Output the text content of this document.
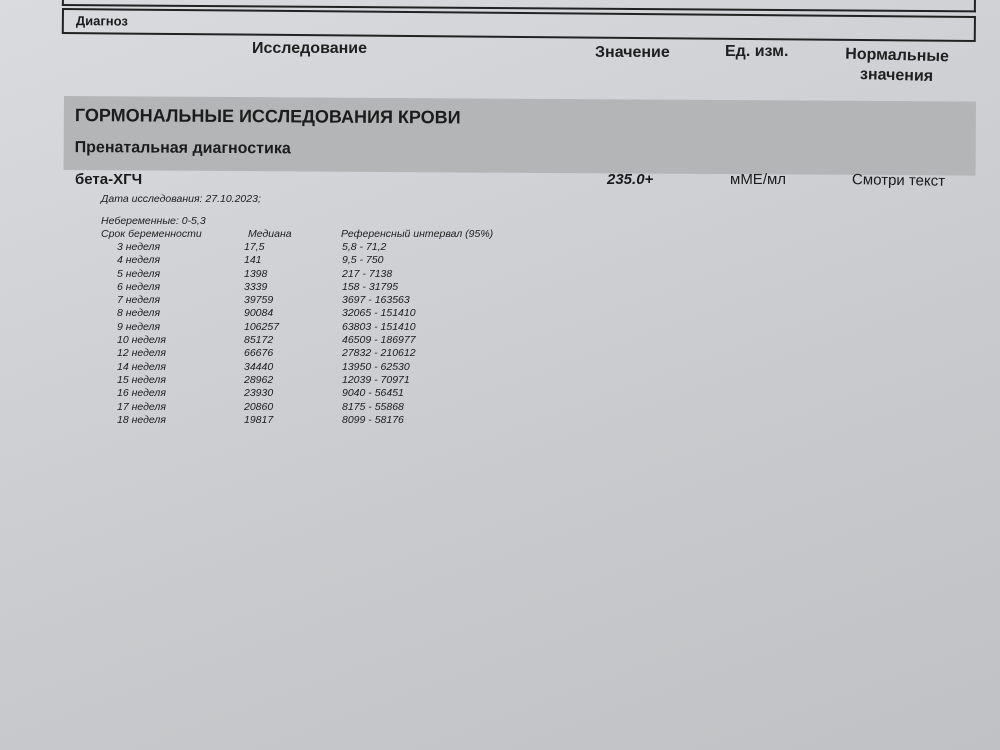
Диагноз
Исследование	Значение	Ед. изм.	Нормальные
значения
ГОРМОНАЛЬНЫЕ ИССЛЕДОВАНИЯ КРОВИ
Пренатальная диагностика
бета-ХГЧ	235.0+	мМЕ/мл	Смотри текст
Дата исследования: 27.10.2023;
Небеременные: 0-5,3
Срок беременности	Медиана	Референсный интервал (95%)
3 неделя	17,5	5,8 - 71,2
4 неделя	141	9,5 - 750
5 неделя	1398	217 - 7138
6 неделя	3339	158 - 31795
7 неделя	39759	3697 - 163563
8 неделя	90084	32065 - 151410
9 неделя	106257	63803 - 151410
10 неделя	85172	46509 - 186977
12 неделя	66676	27832 - 210612
14 неделя	34440	13950 - 62530
15 неделя	28962	12039 - 70971
16 неделя	23930	9040 - 56451
17 неделя	20860	8175 - 55868
18 неделя	19817	8099 - 58176
